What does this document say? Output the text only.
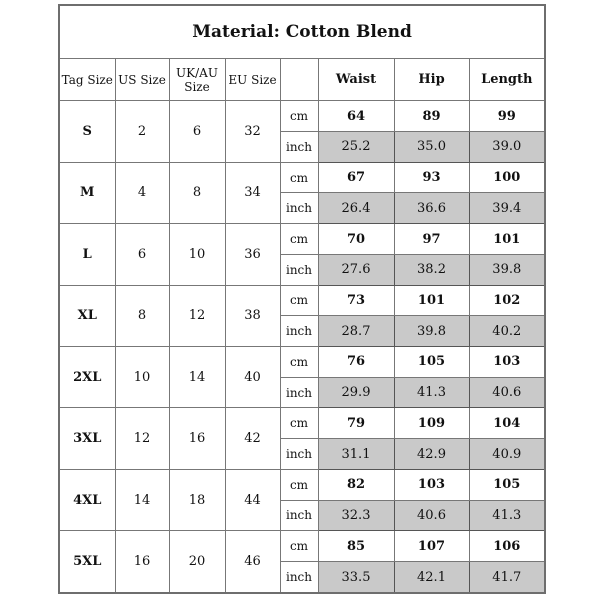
Material: Cotton Blend							
Tag Size	US Size	UK/AU Size	EU Size		Waist	Hip	Length
S	2	6	32	cm	64	89	99
				inch	25.2	35.0	39.0
M	4	8	34	cm	67	93	100
				inch	26.4	36.6	39.4
L	6	10	36	cm	70	97	101
				inch	27.6	38.2	39.8
XL	8	12	38	cm	73	101	102
				inch	28.7	39.8	40.2
2XL	10	14	40	cm	76	105	103
				inch	29.9	41.3	40.6
3XL	12	16	42	cm	79	109	104
				inch	31.1	42.9	40.9
4XL	14	18	44	cm	82	103	105
				inch	32.3	40.6	41.3
5XL	16	20	46	cm	85	107	106
				inch	33.5	42.1	41.7
